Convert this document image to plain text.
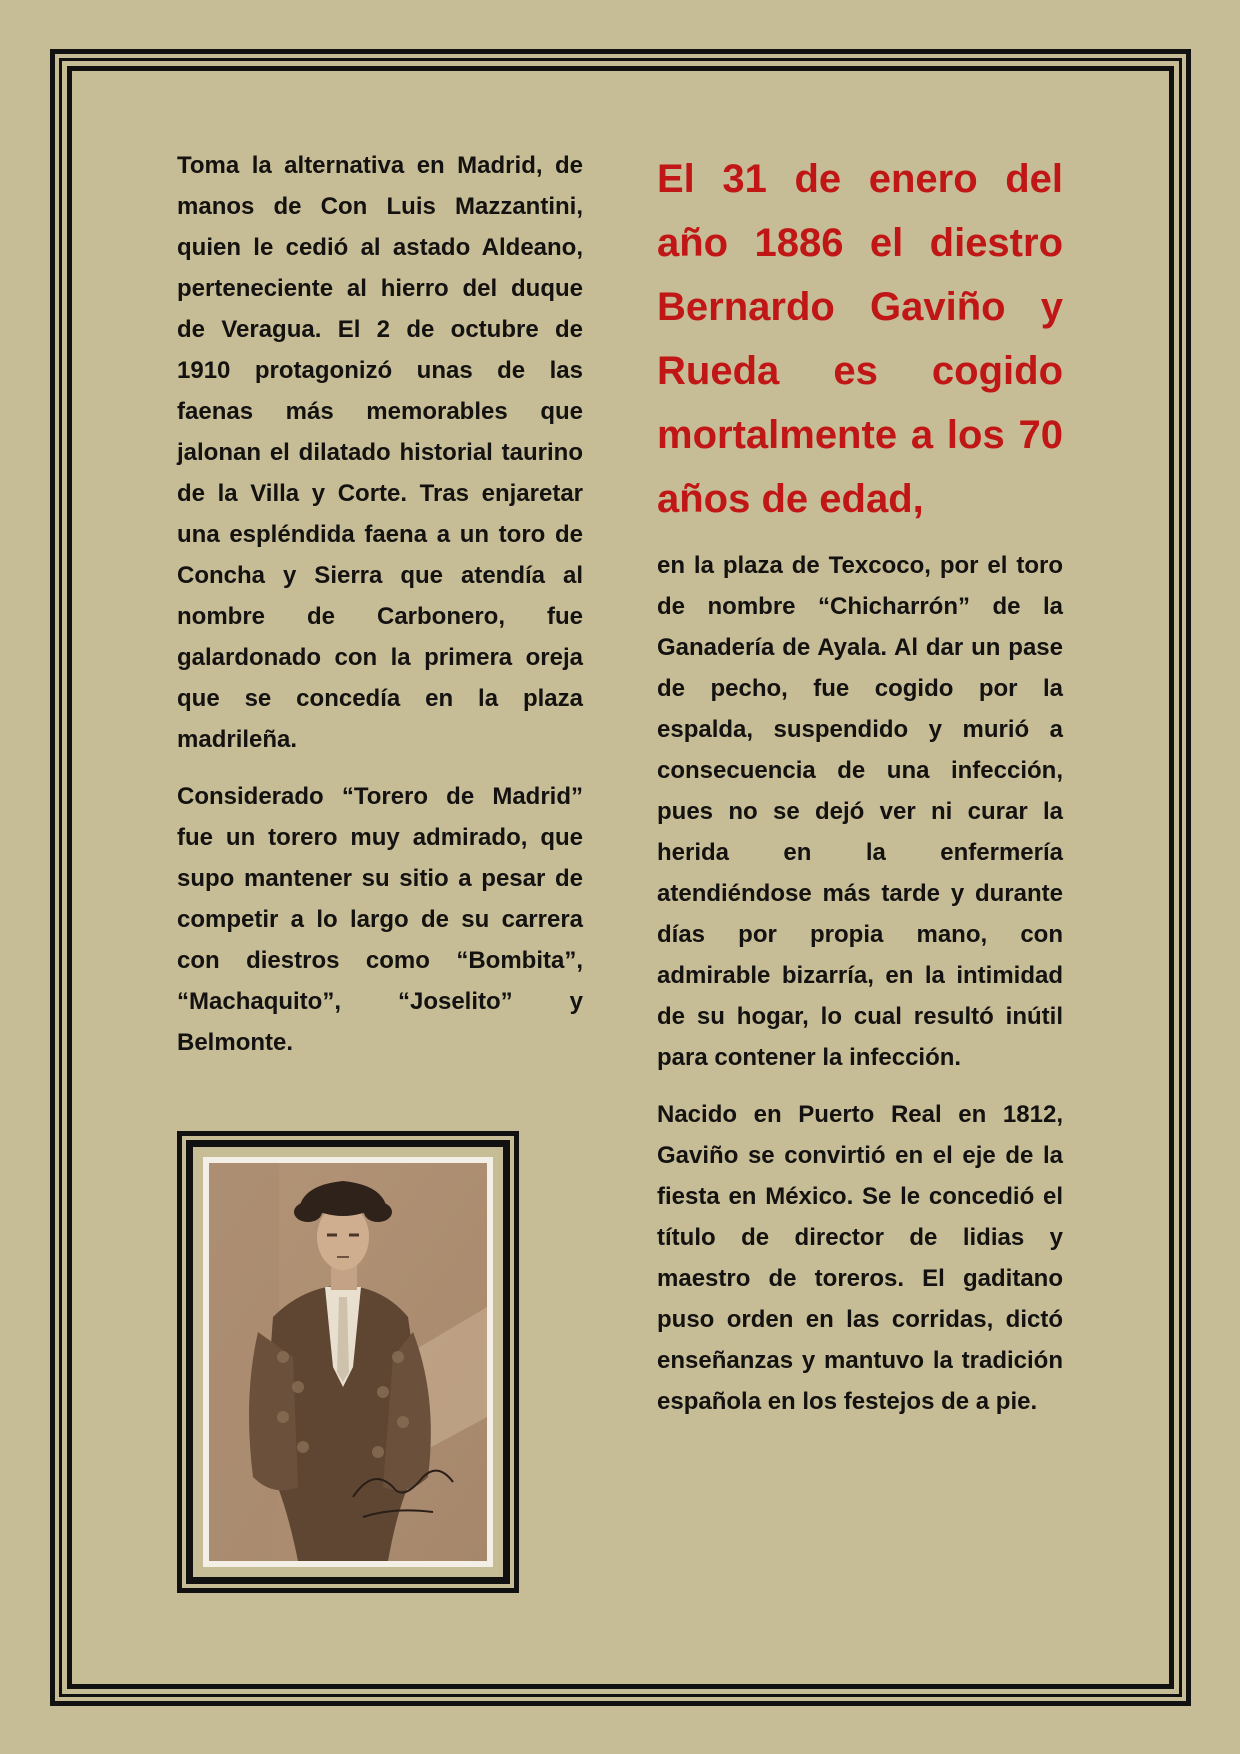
Toma la alternativa en Madrid, de manos de Con Luis Mazzantini, quien le cedió al astado Aldeano, perteneciente al hierro del duque de Veragua. El 2 de octubre de 1910 protagonizó unas de las faenas más memorables que jalonan el dilatado historial taurino de la Villa y Corte. Tras enjaretar una espléndida faena a un toro de Concha y Sierra que atendía al nombre de Carbonero, fue galardonado con la primera oreja que se concedía en la plaza madrileña.

Considerado “Torero de Madrid” fue un torero muy admirado, que supo mantener su sitio a pesar de competir a lo largo de su carrera con diestros como “Bombita”, “Machaquito”, “Joselito” y Belmonte.

El 31 de enero del año 1886 el diestro Bernardo Gaviño y Rueda es cogido mortalmente a los 70 años de edad,

en la plaza de Texcoco, por el toro de nombre “Chicharrón” de la Ganadería de Ayala. Al dar un pase de pecho, fue cogido por la espalda, suspendido y murió a consecuencia de una infección, pues no se dejó ver ni curar la herida en la enfermería atendiéndose más tarde y durante días por propia mano, con admirable bizarría, en la intimidad de su hogar, lo cual resultó inútil para contener la infección.

Nacido en Puerto Real en 1812, Gaviño se convirtió en el eje de la fiesta en México. Se le concedió el título de director de lidias y maestro de toreros. El gaditano puso orden en las corridas, dictó enseñanzas y mantuvo la tradición española en los festejos de a pie.
